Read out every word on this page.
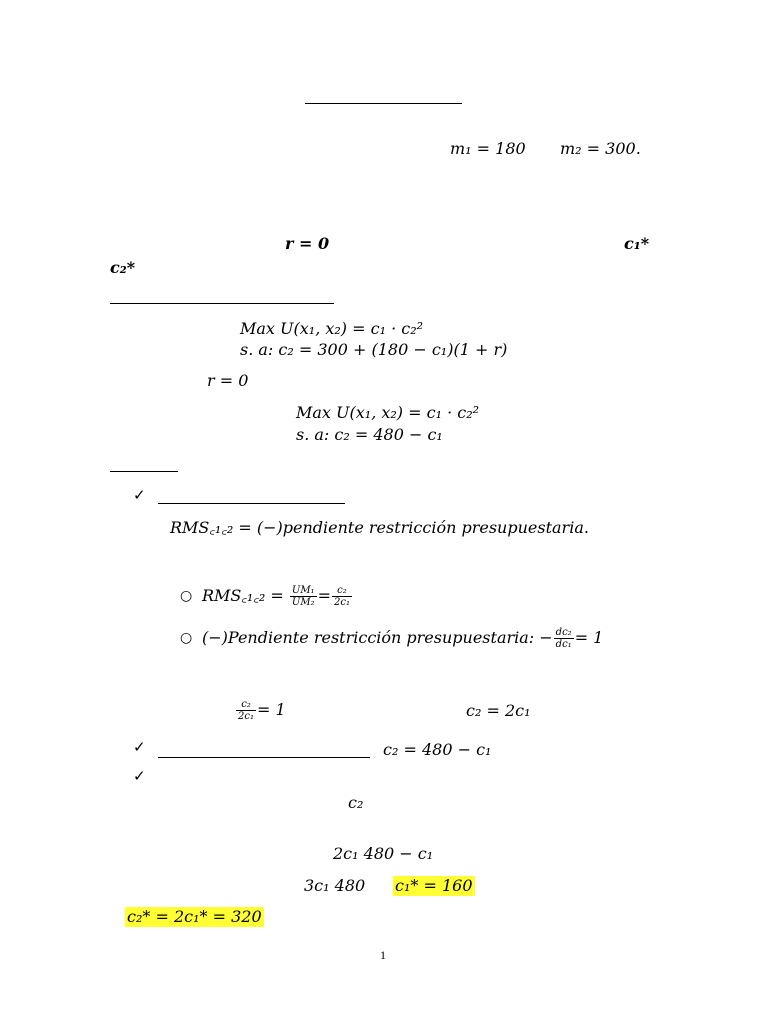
m₁ = 180 m₂ = 300.
r = 0	c₁*
c₂*
Max U(x₁, x₂) = c₁ · c₂²
s. a: c₂ = 300 + (180 − c₁)(1 + r)
r = 0
Max U(x₁, x₂) = c₁ · c₂²
s. a: c₂ = 480 − c₁
✓
RMS꜀₁꜀₂ = (−)pendiente restricción presupuestaria.
○ RMS꜀₁꜀₂ = $\frac{\text{UM₁}}{\text{UM₂}} = \frac{\text{c₂}}{\text{2c₁}}$
○ (−)Pendiente restricción presupuestaria: − $\frac{\text{dc₂}}{\text{dc₁}} = 1$
$\frac{\text{c₂}}{\text{2c₁}} = 1$	c₂ = 2c₁
✓	c₂ = 480 − c₁
✓
c₂
2c₁ 480 − c₁
3c₁ 480 c₁* = 160
c₂* = 2c₁* = 320
1
